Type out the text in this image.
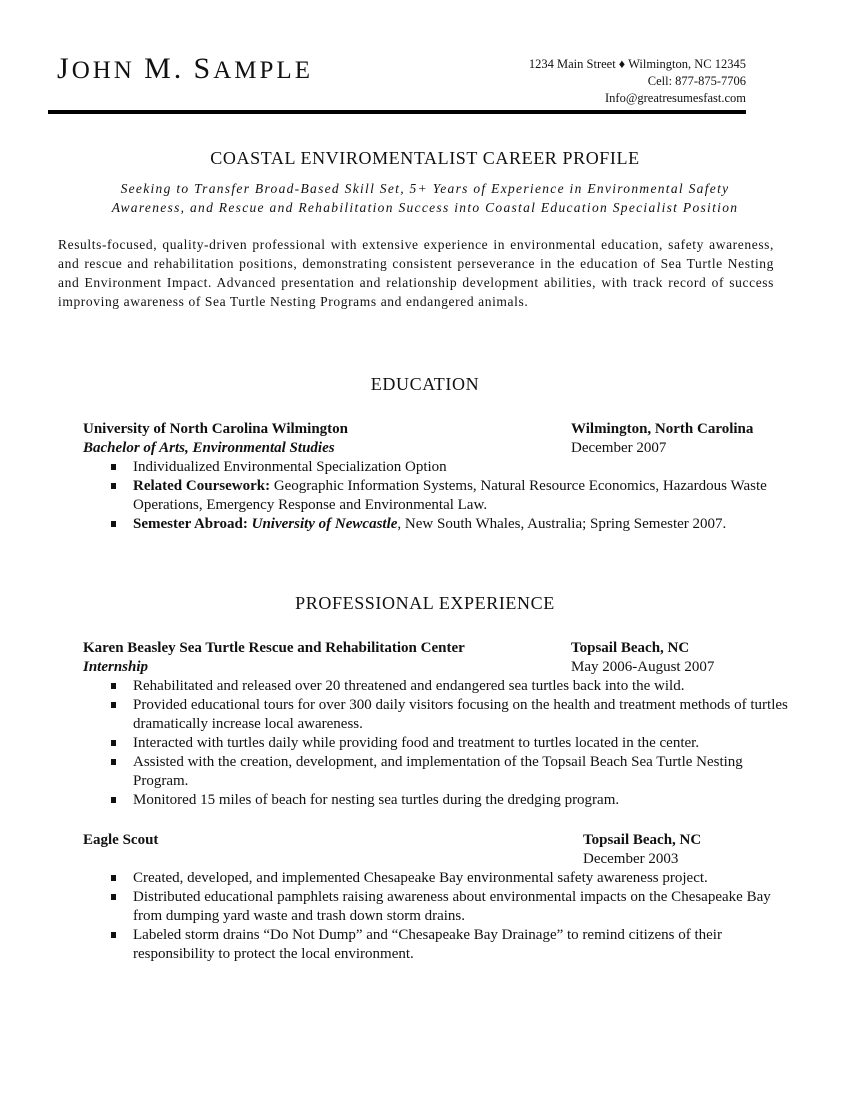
JOHN M. SAMPLE	1234 Main Street ♦ Wilmington, NC 12345
Cell: 877-875-7706
Info@greatresumesfast.com
COASTAL ENVIROMENTALIST CAREER PROFILE
Seeking to Transfer Broad-Based Skill Set, 5+ Years of Experience in Environmental Safety
Awareness, and Rescue and Rehabilitation Success into Coastal Education Specialist Position
Results-focused, quality-driven professional with extensive experience in environmental education, safety awareness, and rescue and rehabilitation positions, demonstrating consistent perseverance in the education of Sea Turtle Nesting and Environment Impact. Advanced presentation and relationship development abilities, with track record of success improving awareness of Sea Turtle Nesting Programs and endangered animals.
EDUCATION
University of North Carolina Wilmington	Wilmington, North Carolina
Bachelor of Arts, Environmental Studies	December 2007
Individualized Environmental Specialization Option
Related Coursework: Geographic Information Systems, Natural Resource Economics, Hazardous Waste Operations, Emergency Response and Environmental Law.
Semester Abroad: University of Newcastle, New South Whales, Australia; Spring Semester 2007.
PROFESSIONAL EXPERIENCE
Karen Beasley Sea Turtle Rescue and Rehabilitation Center	Topsail Beach, NC
Internship	May 2006-August 2007
Rehabilitated and released over 20 threatened and endangered sea turtles back into the wild.
Provided educational tours for over 300 daily visitors focusing on the health and treatment methods of turtles dramatically increase local awareness.
Interacted with turtles daily while providing food and treatment to turtles located in the center.
Assisted with the creation, development, and implementation of the Topsail Beach Sea Turtle Nesting Program.
Monitored 15 miles of beach for nesting sea turtles during the dredging program.
Eagle Scout	Topsail Beach, NC
December 2003
Created, developed, and implemented Chesapeake Bay environmental safety awareness project.
Distributed educational pamphlets raising awareness about environmental impacts on the Chesapeake Bay from dumping yard waste and trash down storm drains.
Labeled storm drains “Do Not Dump” and “Chesapeake Bay Drainage” to remind citizens of their responsibility to protect the local environment.
